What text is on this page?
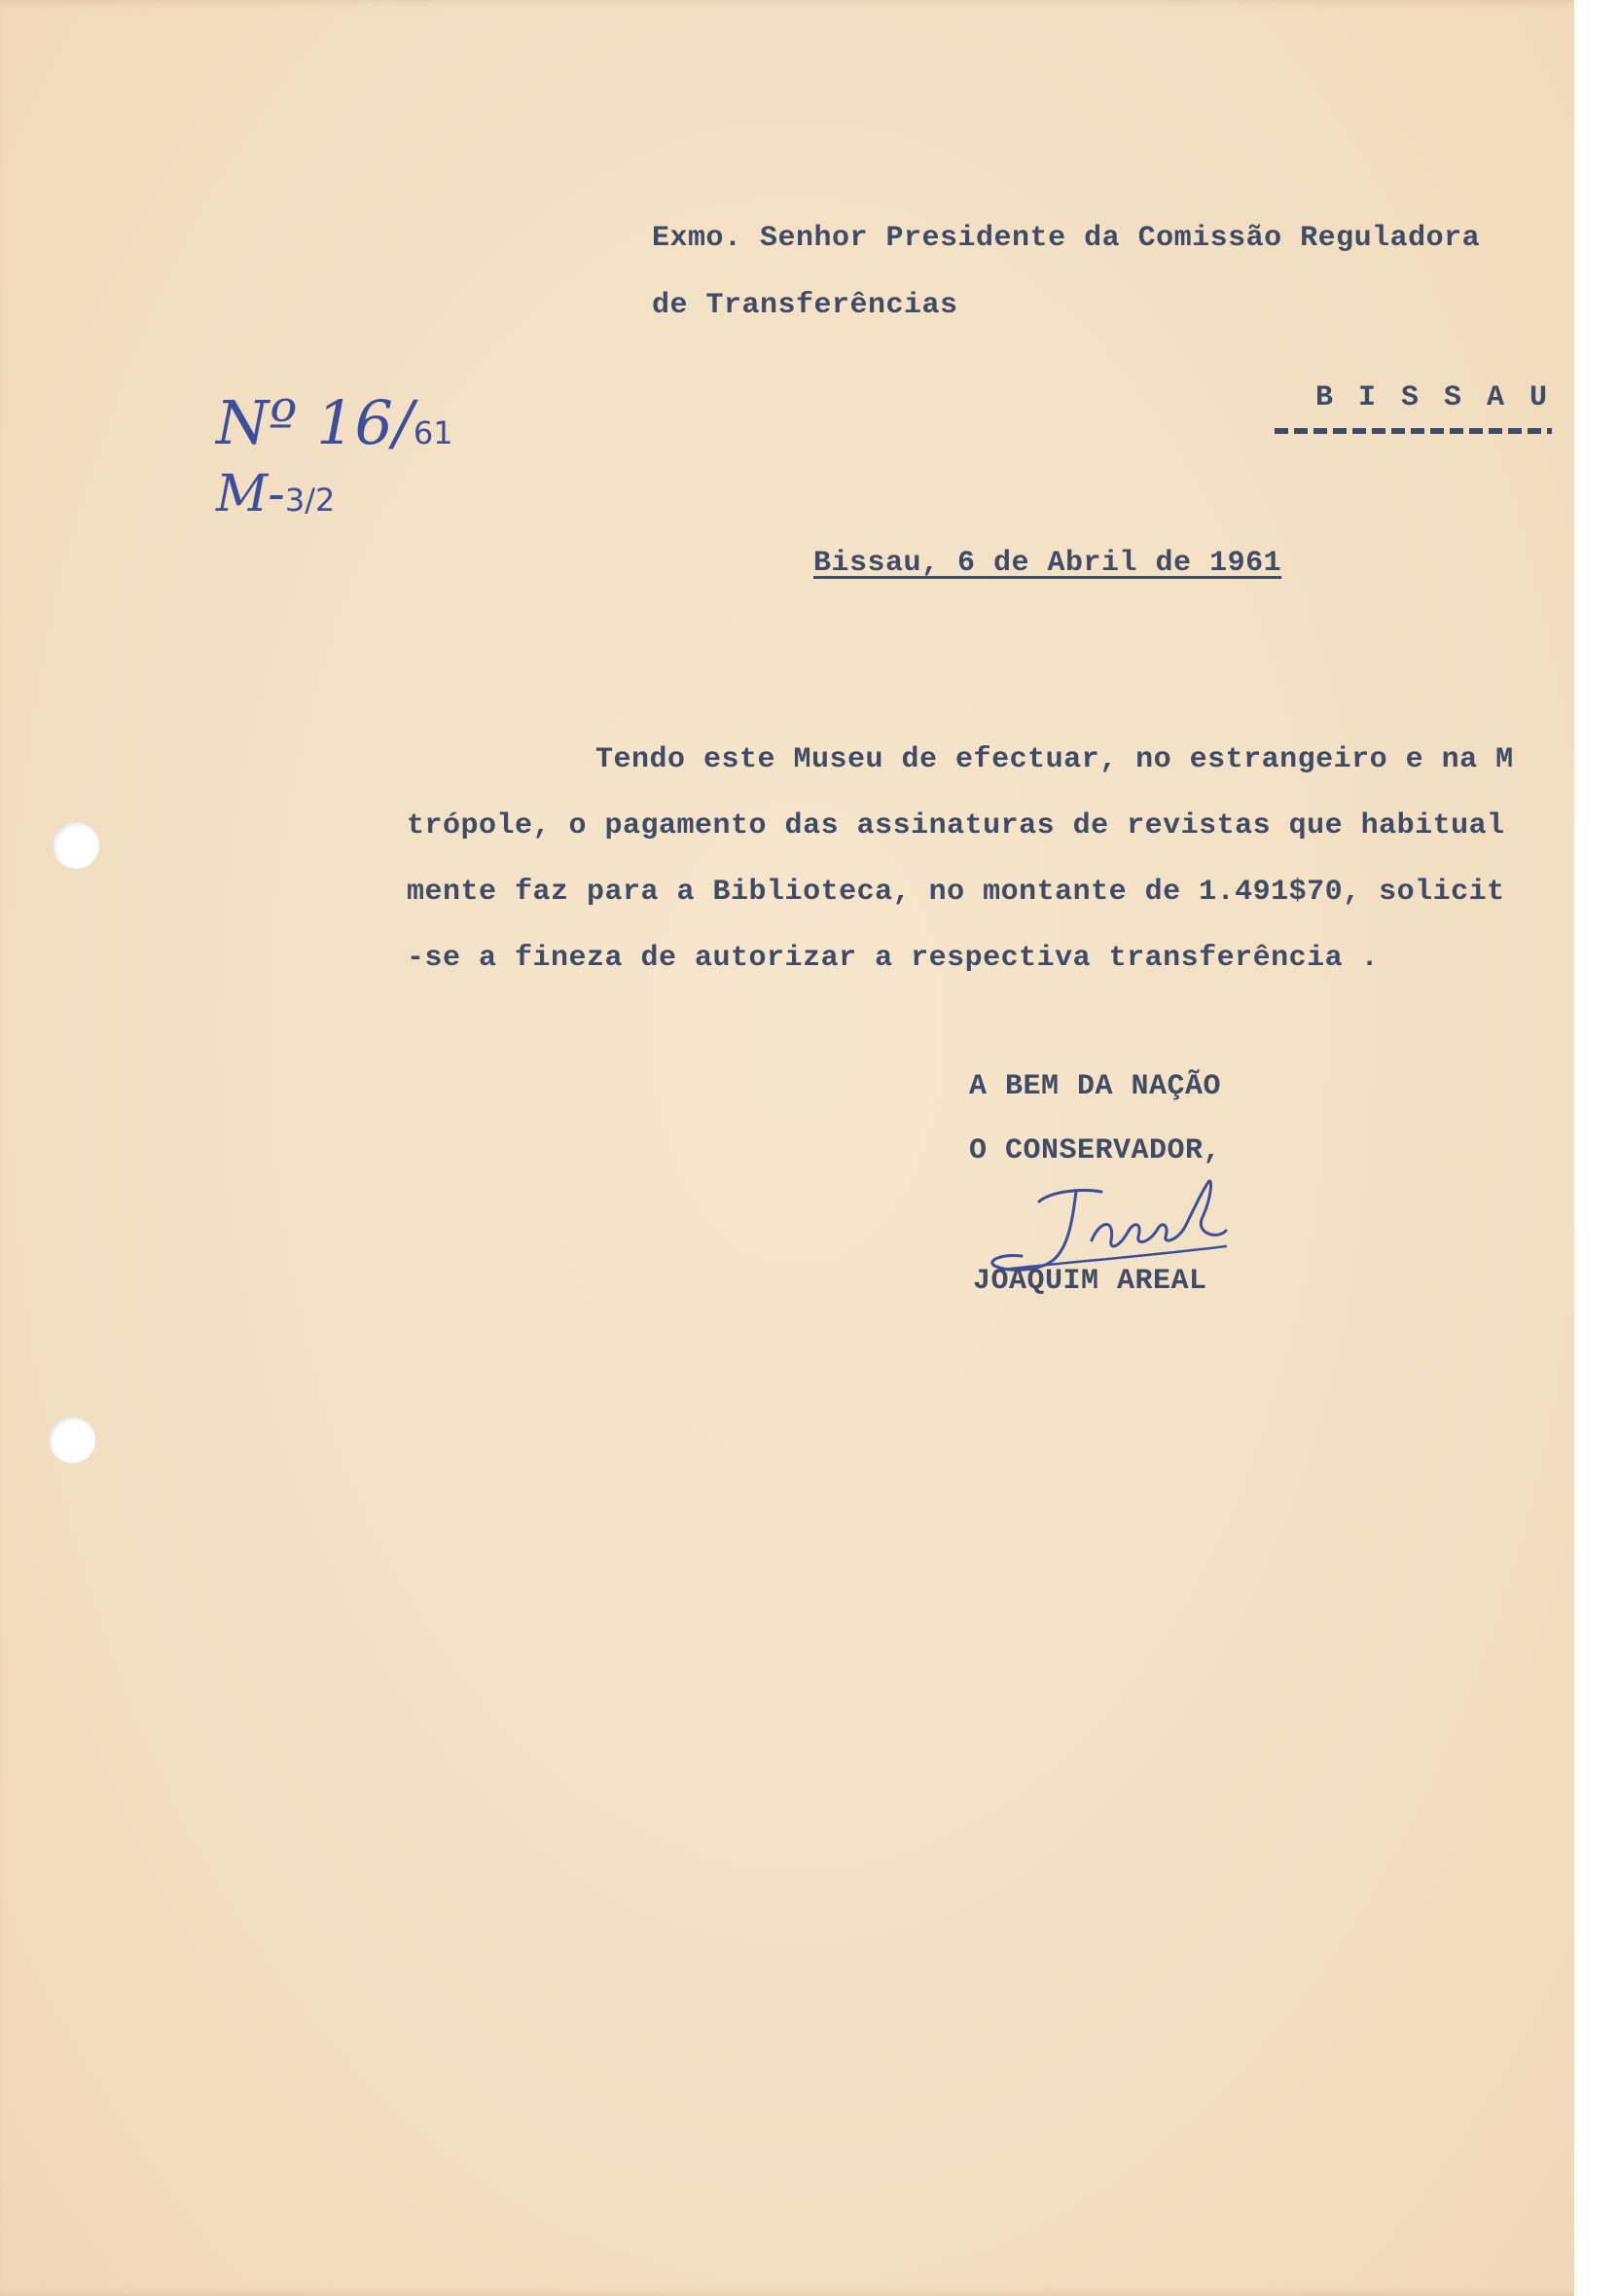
Exmo. Senhor Presidente da Comissão Reguladora
de Transferências
B I S S A U
Nº 16/61
M-3/2
Bissau, 6 de Abril de 1961
Tendo este Museu de efectuar, no estrangeiro e na M
trópole, o pagamento das assinaturas de revistas que habitual
mente faz para a Biblioteca, no montante de 1.491$70, solicit
-se a fineza de autorizar a respectiva transferência .
A BEM DA NAÇÃO
O CONSERVADOR,
JOAQUIM AREAL
